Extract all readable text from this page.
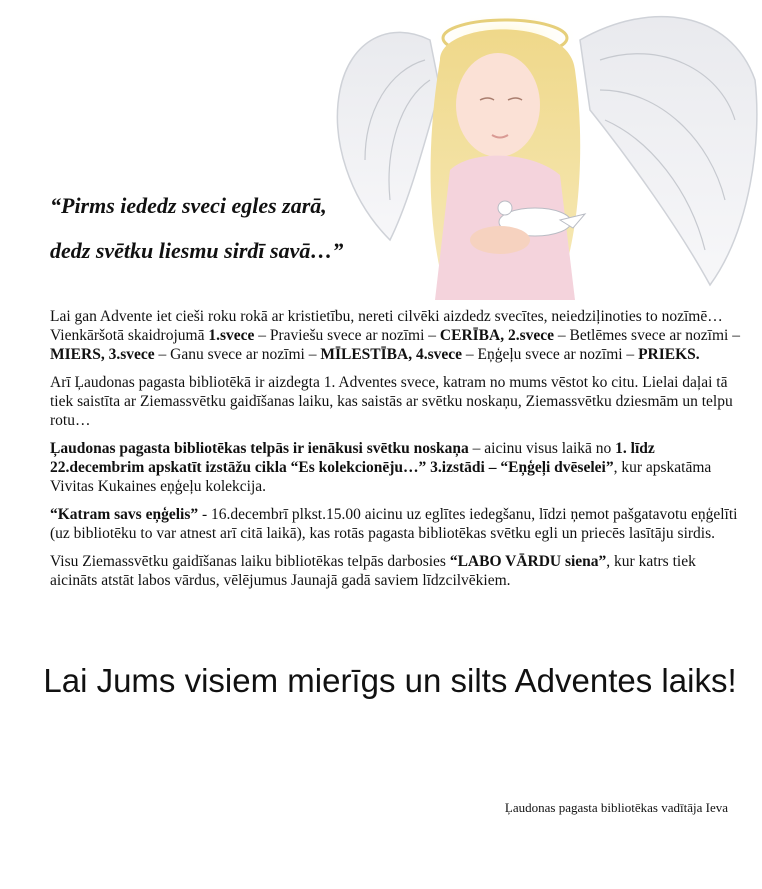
“Pirms iededz sveci egles zarā,
dedz svētku liesmu sirdī savā…”

Lai gan Advente iet cieši roku rokā ar kristietību, nereti cilvēki aizdedz svecītes, neiedziļinoties to nozīmē… Vienkāršotā skaidrojumā 1.svece – Praviešu svece ar nozīmi – CERĪBA, 2.svece – Betlēmes svece ar nozīmi – MIERS, 3.svece – Ganu svece ar nozīmi – MĪLESTĪBA, 4.svece – Eņģeļu svece ar nozīmi – PRIEKS.

Arī Ļaudonas pagasta bibliotēkā ir aizdegta 1. Adventes svece, katram no mums vēstot ko citu. Lielai daļai tā tiek saistīta ar Ziemassvētku gaidīšanas laiku, kas saistās ar svētku noskaņu, Ziemassvētku dziesmām un telpu rotu…

Ļaudonas pagasta bibliotēkas telpās ir ienākusi svētku noskaņa – aicinu visus laikā no 1. līdz 22.decembrim apskatīt izstāžu cikla “Es kolekcionēju…” 3.izstādi – “Eņģeļi dvēselei”, kur apskatāma Vivitas Kukaines eņģeļu kolekcija.

“Katram savs eņģelis” - 16.decembrī plkst.15.00 aicinu uz eglītes iedegšanu, līdzi ņemot pašgatavotu eņģelīti (uz bibliotēku to var atnest arī citā laikā), kas rotās pagasta bibliotēkas svētku egli un priecēs lasītāju sirdis.

Visu Ziemassvētku gaidīšanas laiku bibliotēkas telpās darbosies “LABO VĀRDU siena”, kur katrs tiek aicināts atstāt labos vārdus, vēlējumus Jaunajā gadā saviem līdzcilvēkiem.

Lai Jums visiem mierīgs un silts Adventes laiks!
Ļaudonas pagasta bibliotēkas vadītāja Ieva
